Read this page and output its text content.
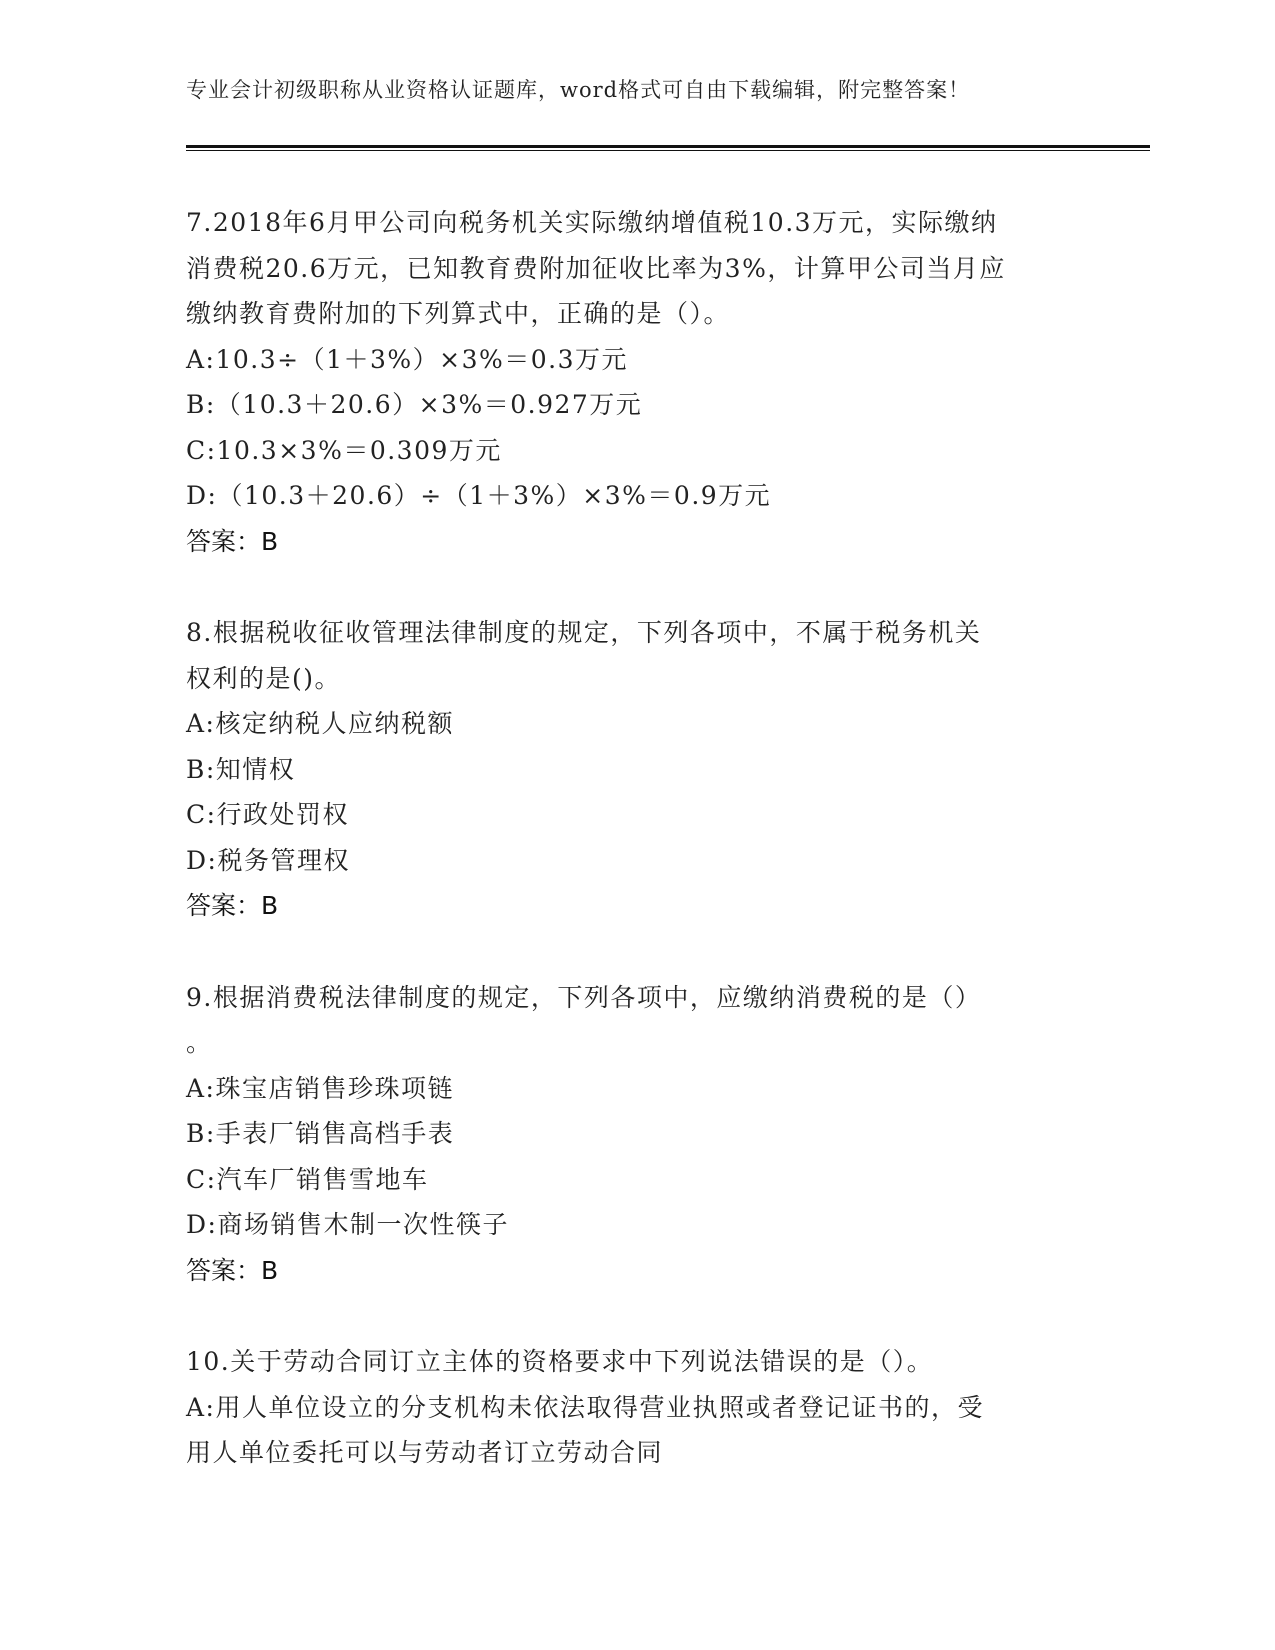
专业会计初级职称从业资格认证题库，word格式可自由下载编辑，附完整答案！
7.2018年6月甲公司向税务机关实际缴纳增值税10.3万元，实际缴纳
消费税20.6万元，已知教育费附加征收比率为3%，计算甲公司当月应
缴纳教育费附加的下列算式中，正确的是（）。
A:10.3÷（1＋3%）×3%＝0.3万元
B:（10.3＋20.6）×3%＝0.927万元
C:10.3×3%＝0.309万元
D:（10.3＋20.6）÷（1＋3%）×3%＝0.9万元
答案：B
8.根据税收征收管理法律制度的规定，下列各项中，不属于税务机关
权利的是()。
A:核定纳税人应纳税额
B:知情权
C:行政处罚权
D:税务管理权
答案：B
9.根据消费税法律制度的规定，下列各项中，应缴纳消费税的是（）
。
A:珠宝店销售珍珠项链
B:手表厂销售高档手表
C:汽车厂销售雪地车
D:商场销售木制一次性筷子
答案：B
10.关于劳动合同订立主体的资格要求中下列说法错误的是（）。
A:用人单位设立的分支机构未依法取得营业执照或者登记证书的，受
用人单位委托可以与劳动者订立劳动合同
